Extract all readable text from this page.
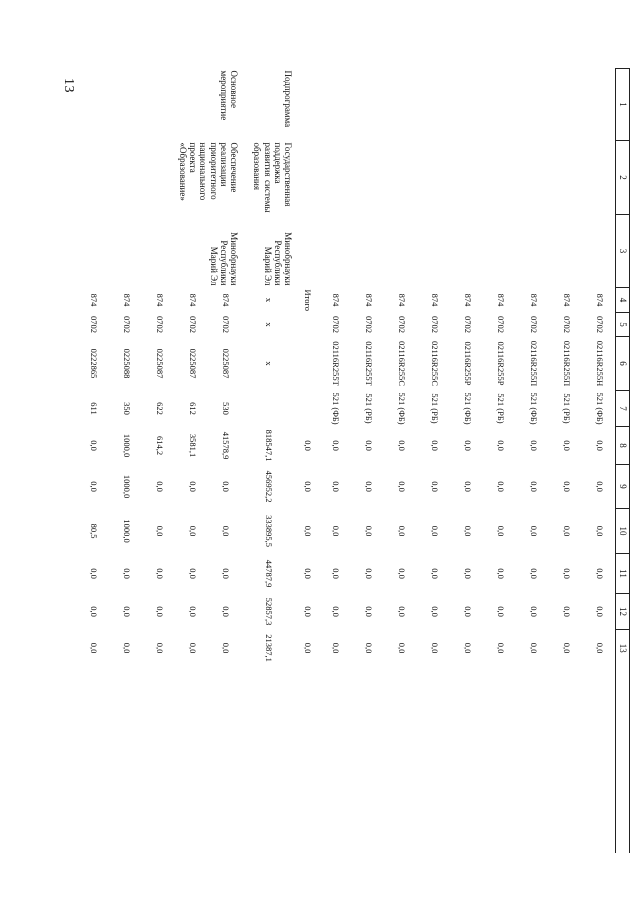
13
1	2	3	4	5	6	7	8	9	10	11	12	13	
			874	0702	02116R255H	521 (ФБ)	0,0	0,0	0,0	0,0	0,0	0,0	
			874	0702	02116R255П	521 (РБ)	0,0	0,0	0,0	0,0	0,0	0,0	
			874	0702	02116R255П	521 (ФБ)	0,0	0,0	0,0	0,0	0,0	0,0	
			874	0702	02116R255P	521 (РБ)	0,0	0,0	0,0	0,0	0,0	0,0	
			874	0702	02116R255P	521 (ФБ)	0,0	0,0	0,0	0,0	0,0	0,0	
			874	0702	02116R255C	521 (РБ)	0,0	0,0	0,0	0,0	0,0	0,0	
			874	0702	02116R255C	521 (ФБ)	0,0	0,0	0,0	0,0	0,0	0,0	
			874	0702	02116R255T	521 (РБ)	0,0	0,0	0,0	0,0	0,0	0,0	
			874	0702	02116R255T	521 (ФБ)	0,0	0,0	0,0	0,0	0,0	0,0	
			Итого				0,0	0,0	0,0	0,0	0,0	0,0	
Подпрограмма	Государственная поддержка развития системы образования	Минобрнауки Республики Марий Эл	x	x	x		818547,1	456952,2	333895,5	44787,9	52857,3	21387,1	
Основное мероприятие	Обеспечение реализации приоритетного национального проекта «Образование»	Минобрнауки Республики Марий Эл	874	0702	0225087	530	41578,9	0,0	0,0	0,0	0,0	0,0	
			874	0702	0225087	612	3581,1	0,0	0,0	0,0	0,0	0,0	
			874	0702	0225087	622	614,2	0,0	0,0	0,0	0,0	0,0	
			874	0702	0225088	350	1000,0	1000,0	1000,0	0,0	0,0	0,0	
			874	0702	0222865	611	0,0	0,0	80,5	0,0	0,0	0,0	
